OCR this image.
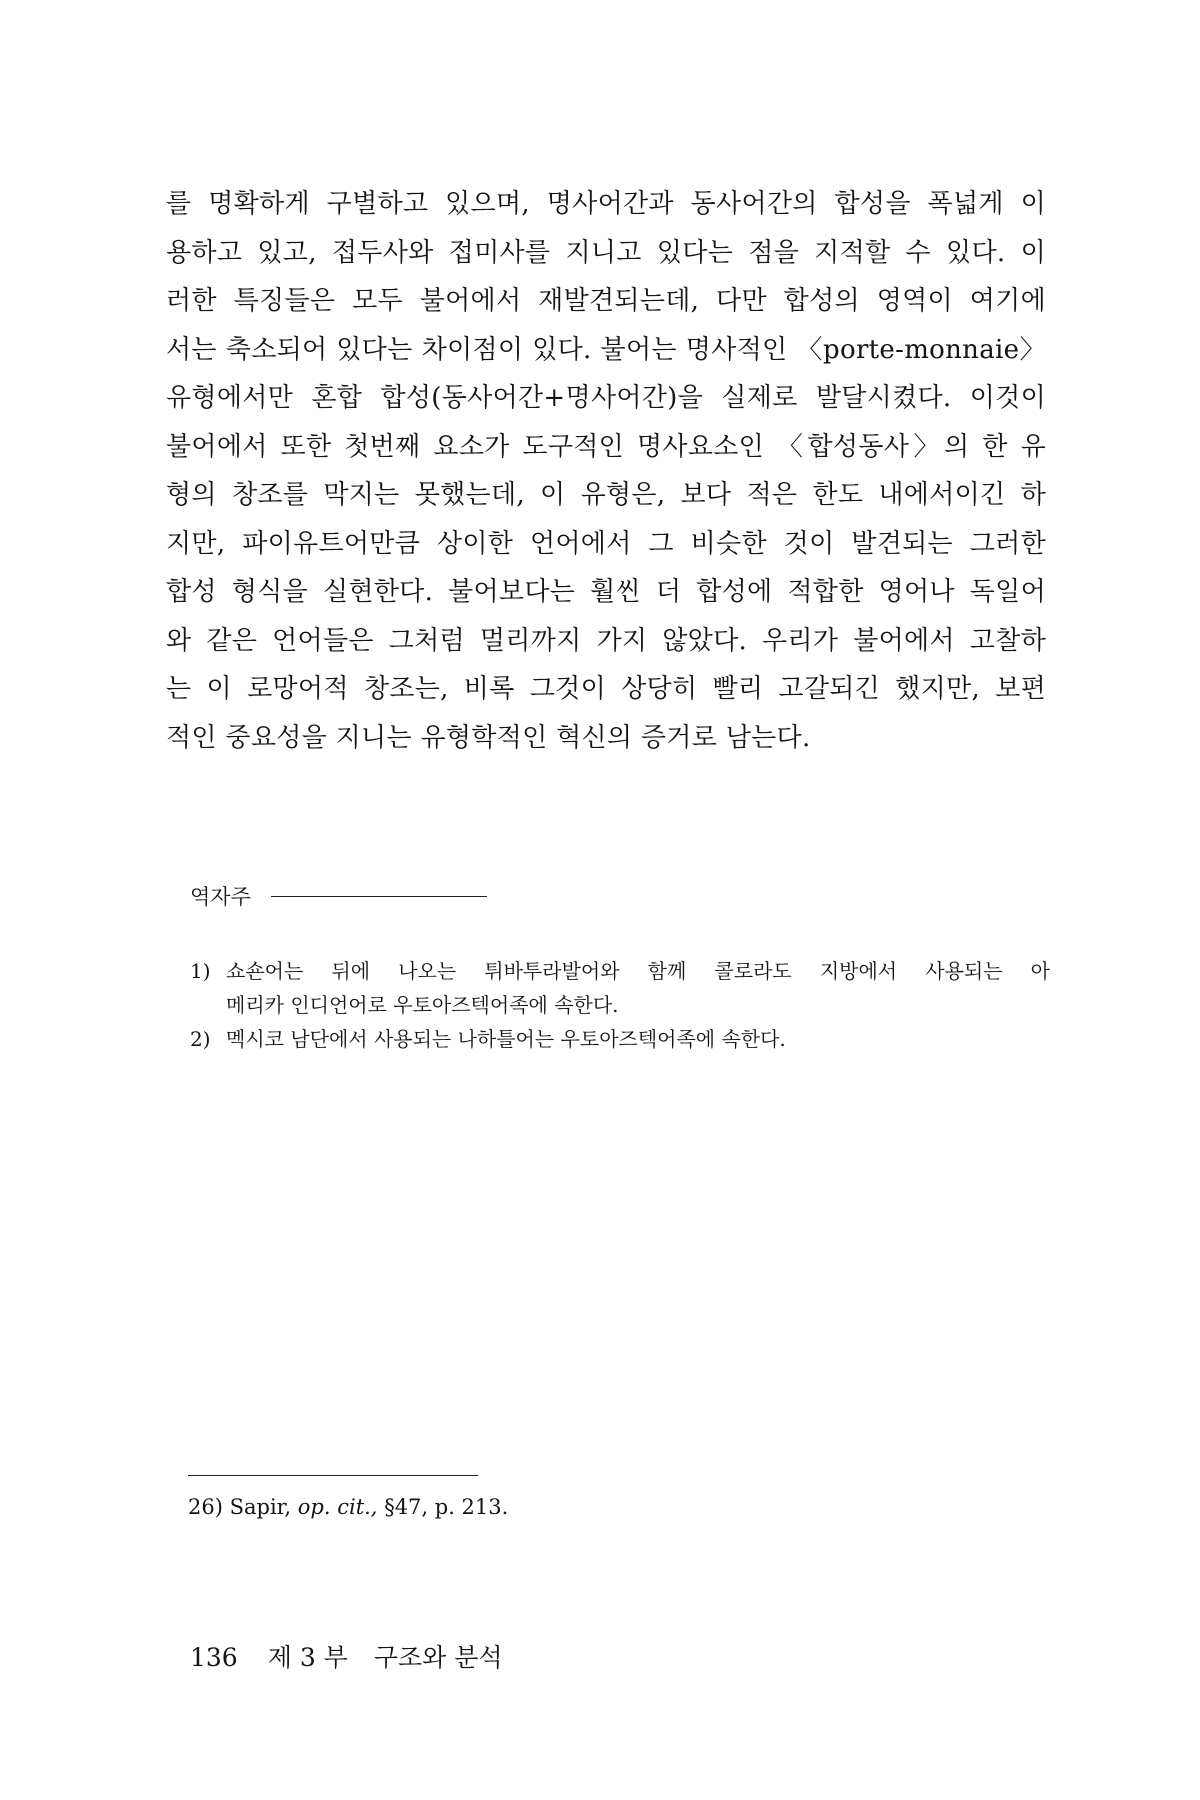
를 명확하게 구별하고 있으며, 명사어간과 동사어간의 합성을 폭넓게 이
용하고 있고, 접두사와 접미사를 지니고 있다는 점을 지적할 수 있다. 이
러한 특징들은 모두 불어에서 재발견되는데, 다만 합성의 영역이 여기에
서는 축소되어 있다는 차이점이 있다. 불어는 명사적인 〈porte-monnaie〉
유형에서만 혼합 합성(동사어간+명사어간)을 실제로 발달시켰다. 이것이
불어에서 또한 첫번째 요소가 도구적인 명사요소인 〈합성동사〉의 한 유
형의 창조를 막지는 못했는데, 이 유형은, 보다 적은 한도 내에서이긴 하
지만, 파이유트어만큼 상이한 언어에서 그 비슷한 것이 발견되는 그러한
합성 형식을 실현한다. 불어보다는 훨씬 더 합성에 적합한 영어나 독일어
와 같은 언어들은 그처럼 멀리까지 가지 않았다. 우리가 불어에서 고찰하
는 이 로망어적 창조는, 비록 그것이 상당히 빨리 고갈되긴 했지만, 보편
적인 중요성을 지니는 유형학적인 혁신의 증거로 남는다.
역자주
1) 쇼숀어는 뒤에 나오는 튀바투라발어와 함께 콜로라도 지방에서 사용되는 아
메리카 인디언어로 우토아즈텍어족에 속한다.
2) 멕시코 남단에서 사용되는 나하틀어는 우토아즈텍어족에 속한다.
26) Sapir, op. cit., §47, p. 213.
136 제 3 부 구조와 분석
